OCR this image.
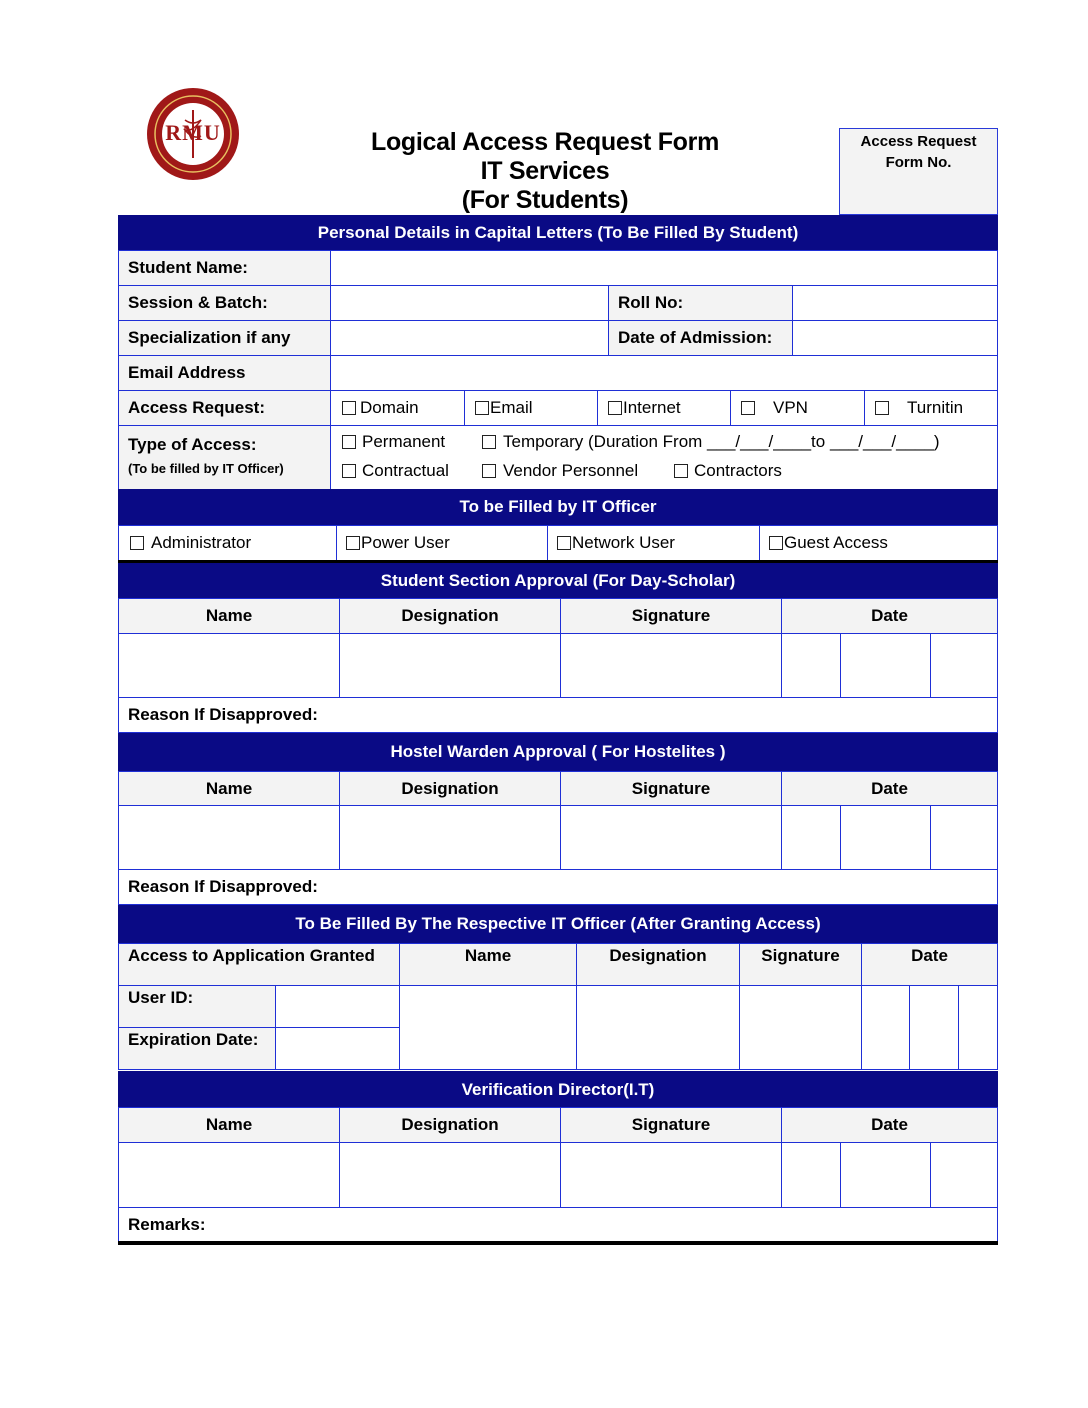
RMU	Logical Access Request Form
IT Services
(For Students)
Access Request Form No.
Personal Details in Capital Letters (To Be Filled By Student)
Student Name:
Session & Batch:	Roll No:
Specialization if any	Date of Admission:
Email Address
Access Request:	Domain	Email	Internet	VPN	Turnitin
Type of Access:
(To be filled by IT Officer)
Permanent	Temporary (Duration From ___/___/____to ___/___/____)
Contractual	Vendor Personnel	Contractors
To be Filled by IT Officer
Administrator	Power User	Network User	Guest Access
Student Section Approval (For Day-Scholar)
Name	Designation	Signature	Date
Reason If Disapproved:
Hostel Warden Approval ( For Hostelites )
Name	Designation	Signature	Date
Reason If Disapproved:
To Be Filled By The Respective IT Officer (After Granting Access)
Access to Application Granted	Name	Designation	Signature	Date
User ID:
Expiration Date:
Verification Director(I.T)
Name	Designation	Signature	Date
Remarks:
